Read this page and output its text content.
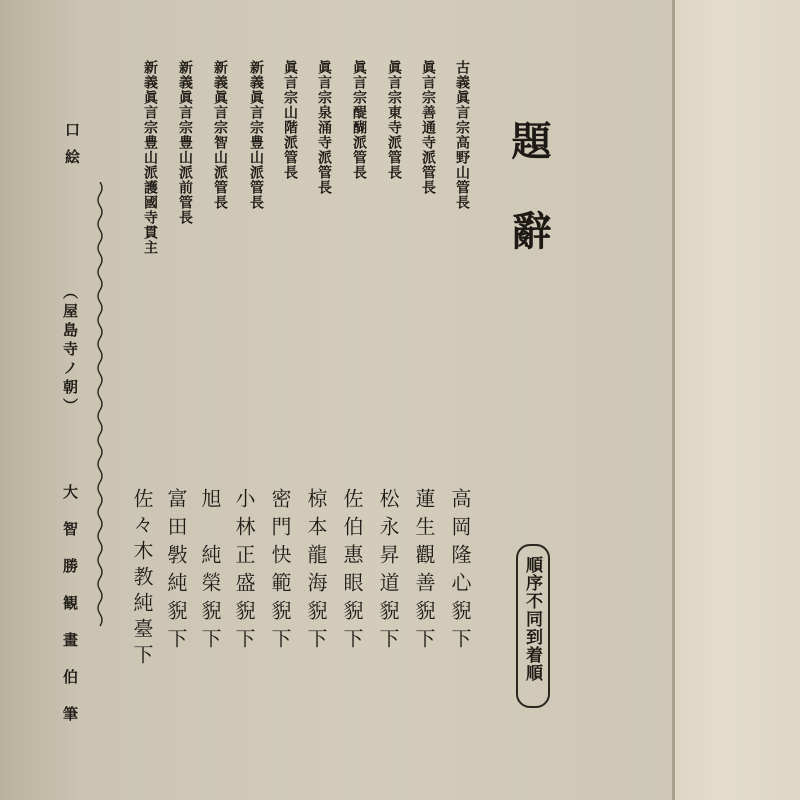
題辭
順序不同到着順
古義眞言宗高野山管長
眞言宗善通寺派管長
眞言宗東寺派管長
眞言宗醍醐派管長
眞言宗泉涌寺派管長
眞言宗山階派管長
新義眞言宗豊山派管長
新義眞言宗智山派管長
新義眞言宗豊山派前管長
新義眞言宗豊山派護國寺貫主
高岡隆心貎下
蓮生觀善貎下
松永昇道貎下
佐伯惠眼貎下
椋本龍海貎下
密門快範貎下
小林正盛貎下
旭　純榮貎下
富田斅純貎下
佐々木教純臺下
口絵
（屋島寺ノ朝）
大智勝観畫伯筆
